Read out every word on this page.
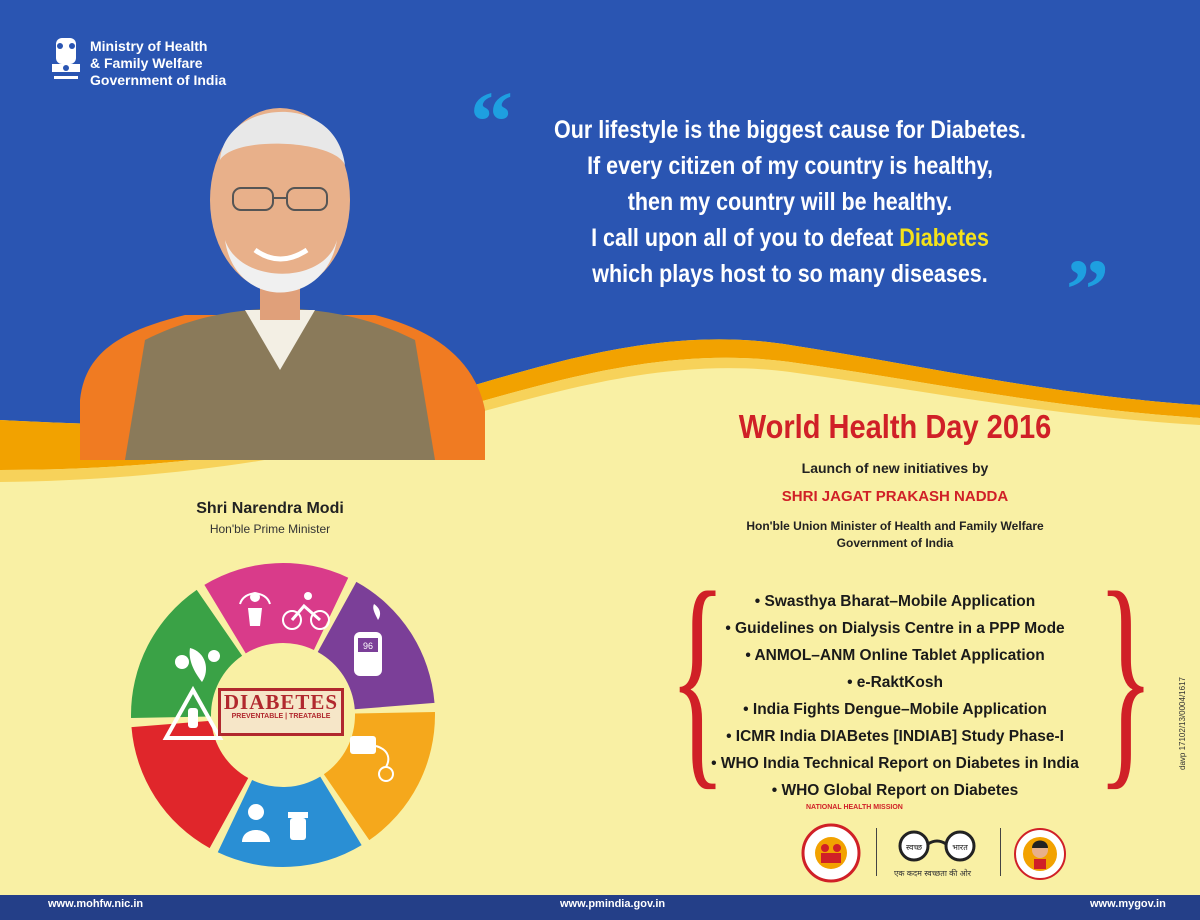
Ministry of Health
& Family Welfare
Government of India	“	Our lifestyle is the biggest cause for Diabetes.
If every citizen of my country is healthy,
then my country will be healthy.
I call upon all of you to defeat Diabetes
which plays host to so many diseases. ”
Shri Narendra Modi
Hon'ble Prime Minister
World Health Day 2016
Launch of new initiatives by
SHRI JAGAT PRAKASH NADDA
Hon'ble Union Minister of Health and Family Welfare
Government of India
{ }
• Swasthya Bharat–Mobile Application
• Guidelines on Dialysis Centre in a PPP Mode
• ANMOL–ANM Online Tablet Application
• e-RaktKosh
• India Fights Dengue–Mobile Application
• ICMR India DIABetes [INDIAB] Study Phase-I
• WHO India Technical Report on Diabetes in India
• WHO Global Report on Diabetes
96
DIABETES
PREVENTABLE | TREATABLE
NATIONAL HEALTH MISSION
स्वच्छ	भारत
एक कदम स्वच्छता की ओर
davp 17102/13/0004/1617
www.mohfw.nic.in	www.pmindia.gov.in	www.mygov.in
